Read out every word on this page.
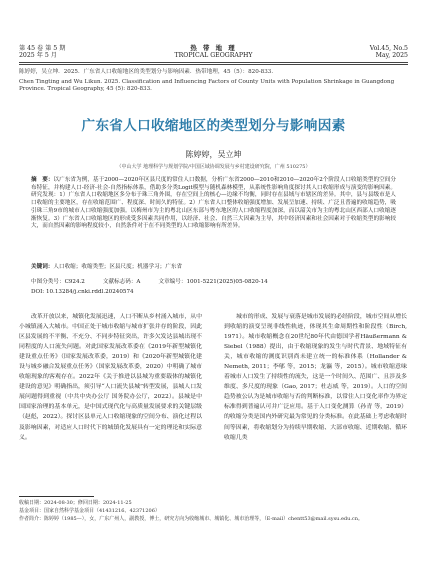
第 45 卷 第 5 期
2025 年 5 月
热 带 地 理
TROPICAL GEOGRAPHY
Vol.45, No.5
May, 2025
陈婷婷，吴立坤．2025．广东省人口收缩地区的类型划分与影响因素．热带地理，45（5）：820-833．
Chen Tingting and Wu Likun. 2025. Classification and Influencing Factors of County Units with Population Shrinkage in Guangdong Province. Tropical Geography, 45 (5): 820-833.
广东省人口收缩地区的类型划分与影响因素
陈婷婷，吴立坤
（中山大学 地理科学与规划学院/中国区域协调发展与乡村建设研究院，广州 510275）
摘　要：以广东省为例，基于2000—2020年区县尺度的常住人口数据，分析广东省2000—2010和2010—2020年2个阶段人口收缩类型的空间分布特征，并构建人口-经济-社会-自然指标体系，借助多分类Logit模型与随机森林模型，从系统性影响角度探讨其人口收缩形成与演变的影响因素。研究发现：1）广东省人口收缩地区多分布于珠三角外围，存在空间上的核心—边缘不均衡，同时存在县域与市辖区的差异。其中，县与县级市是人口收缩的主要地区，存在收缩范围广、程度深、时间久的特征。2）广东省人口整体收缩强度增加、发展呈加速、持续、广泛且普遍的收缩趋势，吸引珠三角9市的城市人口收缩强度加强。以梅州市为主的粤北山区东部与粤东地区的人口收缩程度加深，而以韶关市为主的粤北山区西部人口收缩逐渐恢复。3）广东省人口收缩地区的形成受多因素共同作用，以经济、社会、自然三大因素为主导，其中经济因素和社会因素对于收缩类型的影响较大，而自然因素的影响程度较小，自然条件对于在不同类型的人口收缩影响有所差异。
关键词：人口收缩；收缩类型；区县尺度；机器学习；广东省
中图分类号：C924.2	文献标志码：A	文章编号：1001-5221(2025)05-0820-14
DOI: 10.13284/j.cnki.rddl.20240574

改革开放以来，城镇化发展迅速，人口不断从乡村涌入城市，从中小城镇涌入大城市。中国正处于城市收缩与城市扩张并存的阶段，因此区县发展的不平衡、不充分、不同步特征突出，许多欠发达县城出现不同程度的人口流失问题。对此国家发展改革委在《2019年新型城镇化建设重点任务》（国家发展改革委，2019）和《2020年新型城镇化建设与城乡融合发展重点任务》（国家发展改革委，2020）中明确了城市收缩现象的客观存在。2022年《关于推进以县城为重要载体的城镇化建设的意见》明确指出，须引导“人口流失县城”转型发展，县城人口发展问题得到重视（中共中央办公厅 国务院办公厅，2022）。县城是中国国家治理的基本单元，是中国式现代化与高质量发展要求的关键层级（赵彪，2022）。探讨区县单元人口收缩现象的空间分布、演化过程以及影响因素，对适应人口时代下的城镇化发展具有一定的理论和实际意义。

城市的形成、发展与衰落是城市发展的必经阶段，城市空间从增长到收缩的演变呈现非线性轨迹，体现其生命周期性和阶段性（Birch, 1971）。城市收缩概念在20世纪80年代由德国学者Häußermann & Siebel（1988）提出，由于收缩现象的发生与时代背景、地域特征有关，城市收缩的测度识别尚未建立统一的标准体系（Hollander & Nemeth, 2011；李郇 等，2015；龙瀛 等，2015）。城市收缩意味着城市人口发生了持续性的流失，这是一个时间久、范围广、且涉及多维度、多尺度的现象（Gao, 2017；杜志威 等，2019）。人口的空间趋势被公认为是城市收缩与否的判断标准，以常住人口变化率作为界定标准得到普遍认可并广泛应用。基于人口变化测算（孙青 等，2019）的收缩分类是国内外研究最为常见的分类标准。在此基础上考虑收缩时间等因素，将收缩划分为持续早期收缩、大部市收缩、近期收缩、循环收缩几类

收稿日期：2024-08-30；修回日期：2024-11-25
基金项目：国家自然科学基金项目（41431216、42371206）
作者简介：陈婷婷（1985—），女，广东广州人，副教授，博士，研究方向为收缩城市、城镇化、城市治理等，（E-mail）chentt53@mail.sysu.edu.cn。
